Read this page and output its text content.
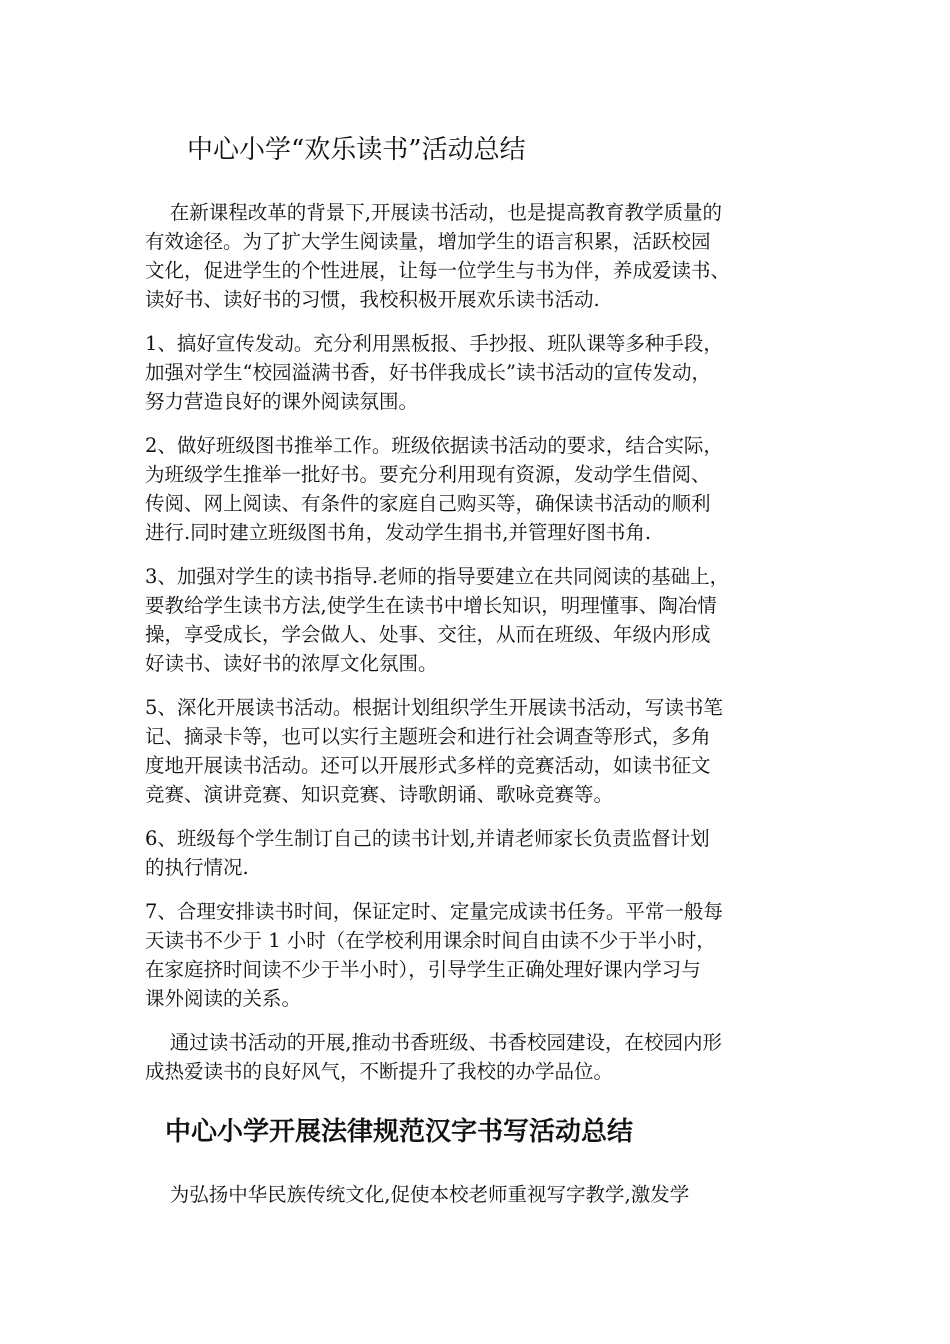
中心小学“欢乐读书”活动总结

在新课程改革的背景下,开展读书活动，也是提高教育教学质量的
有效途径。为了扩大学生阅读量，增加学生的语言积累，活跃校园
文化，促进学生的个性进展，让每一位学生与书为伴，养成爱读书、
读好书、读好书的习惯，我校积极开展欢乐读书活动.

1、搞好宣传发动。充分利用黑板报、手抄报、班队课等多种手段，
加强对学生“校园溢满书香，好书伴我成长”读书活动的宣传发动，
努力营造良好的课外阅读氛围。

2、做好班级图书推举工作。班级依据读书活动的要求，结合实际，
为班级学生推举一批好书。要充分利用现有资源，发动学生借阅、
传阅、网上阅读、有条件的家庭自己购买等，确保读书活动的顺利
进行.同时建立班级图书角，发动学生捐书,并管理好图书角.

3、加强对学生的读书指导.老师的指导要建立在共同阅读的基础上，
要教给学生读书方法,使学生在读书中增长知识，明理懂事、陶冶情
操，享受成长，学会做人、处事、交往，从而在班级、年级内形成
好读书、读好书的浓厚文化氛围。

5、深化开展读书活动。根据计划组织学生开展读书活动，写读书笔
记、摘录卡等，也可以实行主题班会和进行社会调查等形式，多角
度地开展读书活动。还可以开展形式多样的竞赛活动，如读书征文
竞赛、演讲竞赛、知识竞赛、诗歌朗诵、歌咏竞赛等。

6、班级每个学生制订自己的读书计划,并请老师家长负责监督计划
的执行情况.

7、合理安排读书时间，保证定时、定量完成读书任务。平常一般每
天读书不少于 1 小时（在学校利用课余时间自由读不少于半小时，
在家庭挤时间读不少于半小时），引导学生正确处理好课内学习与
课外阅读的关系。

通过读书活动的开展,推动书香班级、书香校园建设，在校园内形
成热爱读书的良好风气，不断提升了我校的办学品位。

中心小学开展法律规范汉字书写活动总结

为弘扬中华民族传统文化,促使本校老师重视写字教学,激发学
